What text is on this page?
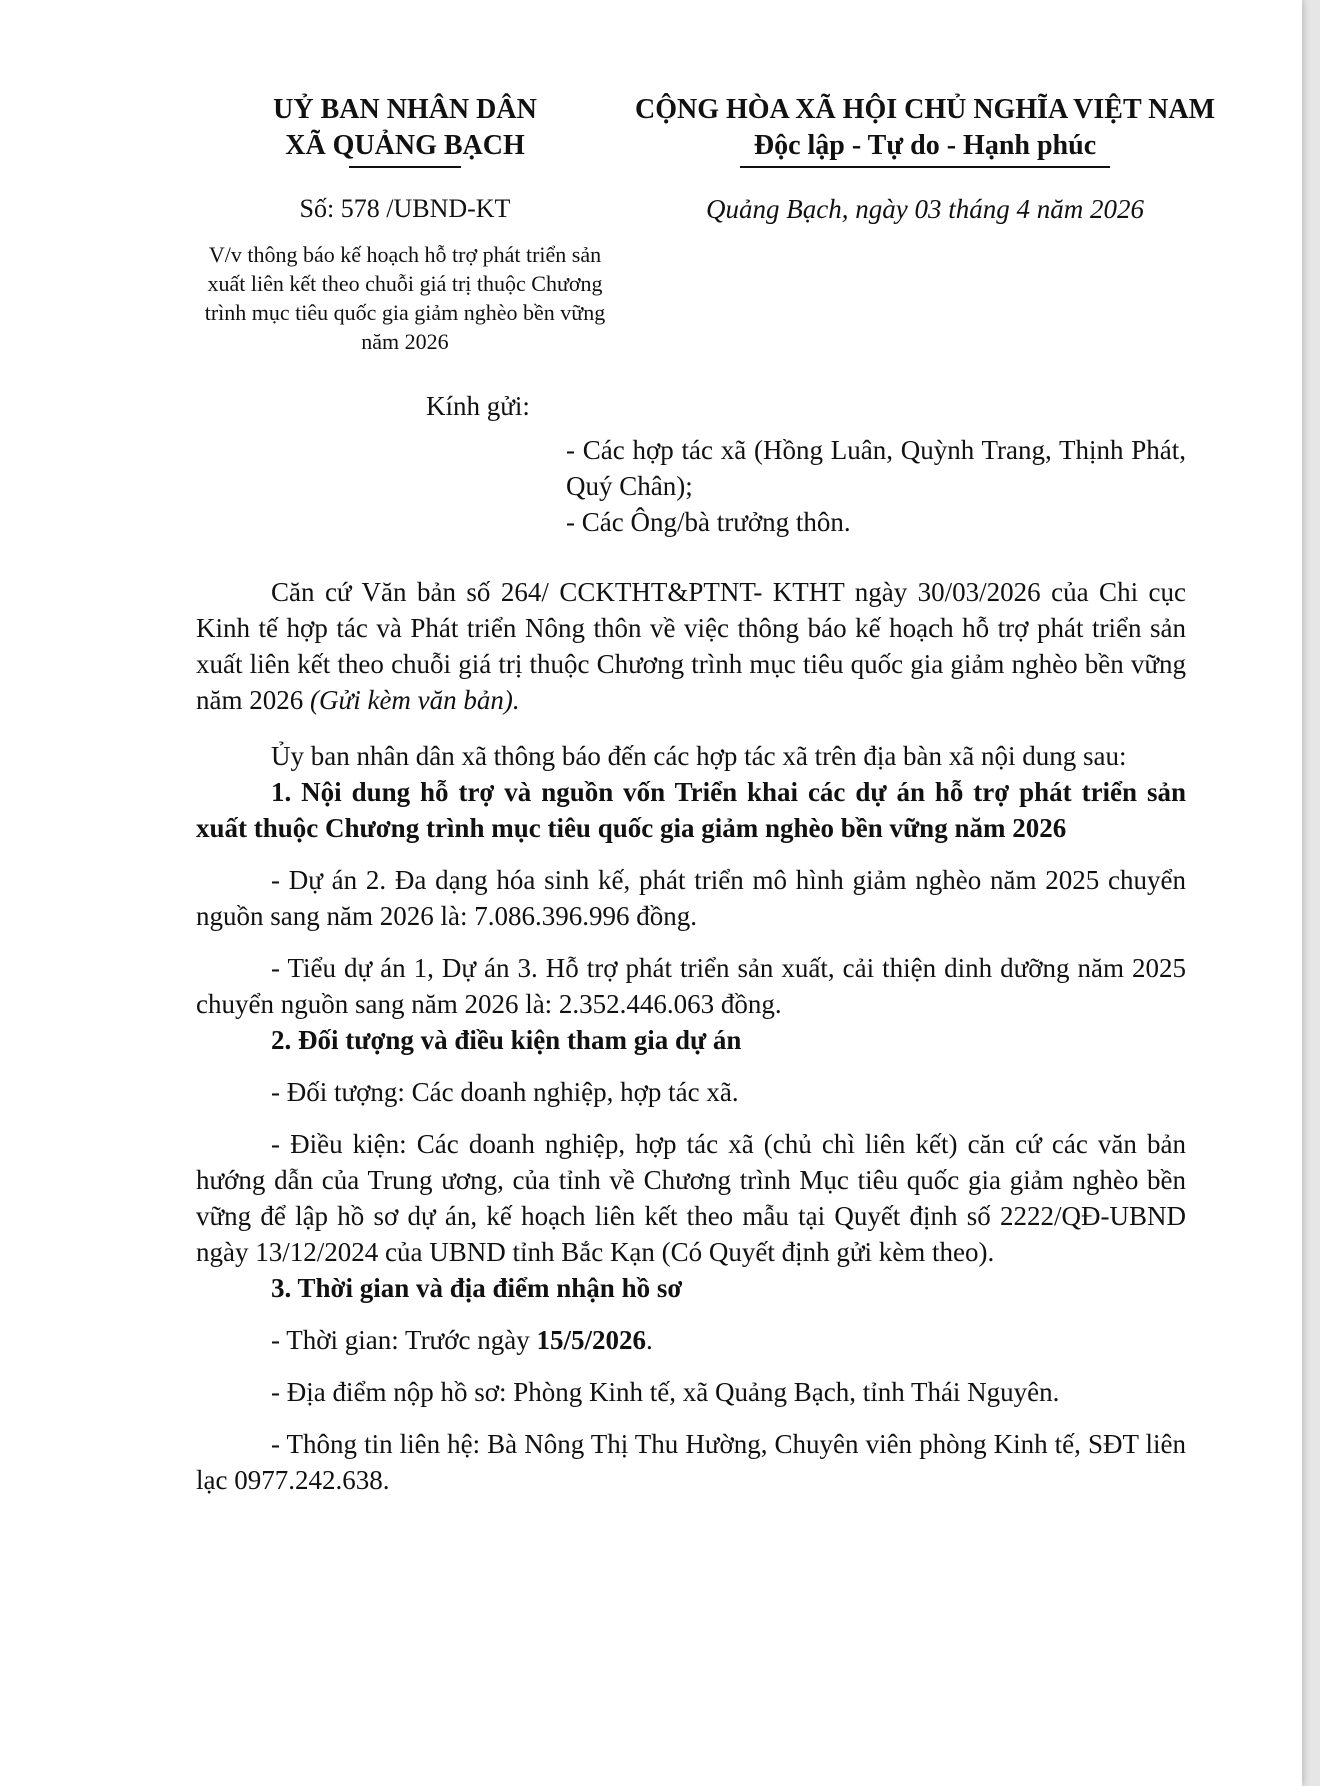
UỶ BAN NHÂN DÂN
XÃ QUẢNG BẠCH
CỘNG HÒA XÃ HỘI CHỦ NGHĨA VIỆT NAM
Độc lập - Tự do - Hạnh phúc
Số: 578 /UBND-KT	Quảng Bạch, ngày 03 tháng 4 năm 2026
V/v thông báo kế hoạch hỗ trợ phát triển sản xuất liên kết theo chuỗi giá trị thuộc Chương trình mục tiêu quốc gia giảm nghèo bền vững năm 2026

Kính gửi:

- Các hợp tác xã (Hồng Luân, Quỳnh Trang, Thịnh Phát, Quý Chân);

- Các Ông/bà trưởng thôn.

Căn cứ Văn bản số 264/ CCKTHT&PTNT- KTHT ngày 30/03/2026 của Chi cục Kinh tế hợp tác và Phát triển Nông thôn về việc thông báo kế hoạch hỗ trợ phát triển sản xuất liên kết theo chuỗi giá trị thuộc Chương trình mục tiêu quốc gia giảm nghèo bền vững năm 2026 (Gửi kèm văn bản).

Ủy ban nhân dân xã thông báo đến các hợp tác xã trên địa bàn xã nội dung sau:

1. Nội dung hỗ trợ và nguồn vốn Triển khai các dự án hỗ trợ phát triển sản xuất thuộc Chương trình mục tiêu quốc gia giảm nghèo bền vững năm 2026

- Dự án 2. Đa dạng hóa sinh kế, phát triển mô hình giảm nghèo năm 2025 chuyển nguồn sang năm 2026 là: 7.086.396.996 đồng.

- Tiểu dự án 1, Dự án 3. Hỗ trợ phát triển sản xuất, cải thiện dinh dưỡng năm 2025 chuyển nguồn sang năm 2026 là: 2.352.446.063 đồng.

2. Đối tượng và điều kiện tham gia dự án

- Đối tượng: Các doanh nghiệp, hợp tác xã.

- Điều kiện: Các doanh nghiệp, hợp tác xã (chủ chì liên kết) căn cứ các văn bản hướng dẫn của Trung ương, của tỉnh về Chương trình Mục tiêu quốc gia giảm nghèo bền vững để lập hồ sơ dự án, kế hoạch liên kết theo mẫu tại Quyết định số 2222/QĐ-UBND ngày 13/12/2024 của UBND tỉnh Bắc Kạn (Có Quyết định gửi kèm theo).

3. Thời gian và địa điểm nhận hồ sơ

- Thời gian: Trước ngày 15/5/2026.

- Địa điểm nộp hồ sơ: Phòng Kinh tế, xã Quảng Bạch, tỉnh Thái Nguyên.

- Thông tin liên hệ: Bà Nông Thị Thu Hường, Chuyên viên phòng Kinh tế, SĐT liên lạc 0977.242.638.
